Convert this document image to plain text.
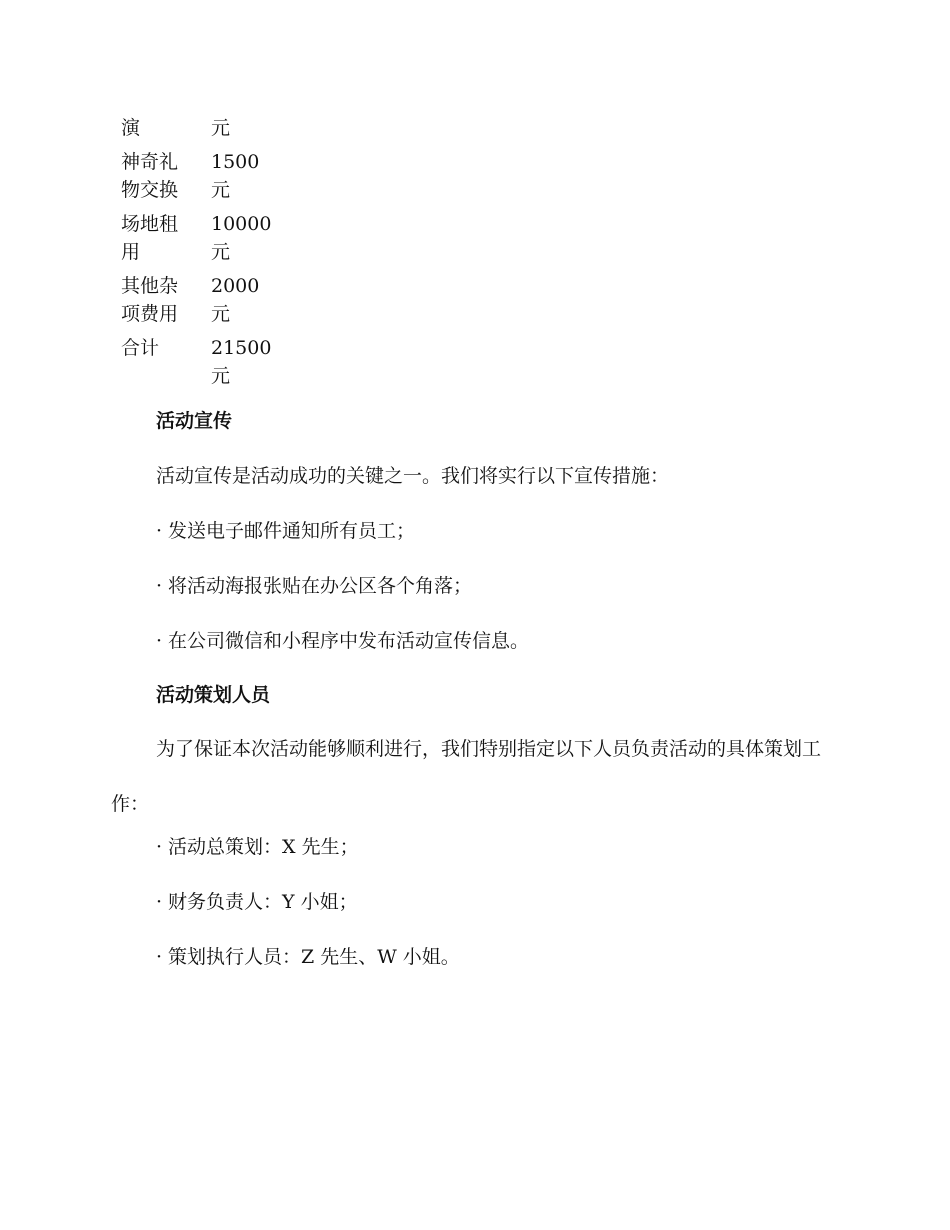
演	元
神奇礼物交换	1500元
场地租用	10000元
其他杂项费用	2000元
合计	21500元
活动宣传

活动宣传是活动成功的关键之一。我们将实行以下宣传措施：

· 发送电子邮件通知所有员工；
· 将活动海报张贴在办公区各个角落；
· 在公司微信和小程序中发布活动宣传信息。
活动策划人员

为了保证本次活动能够顺利进行，我们特别指定以下人员负责活动的具体策划工作：

· 活动总策划：X 先生；
· 财务负责人：Y 小姐；
· 策划执行人员：Z 先生、W 小姐。
